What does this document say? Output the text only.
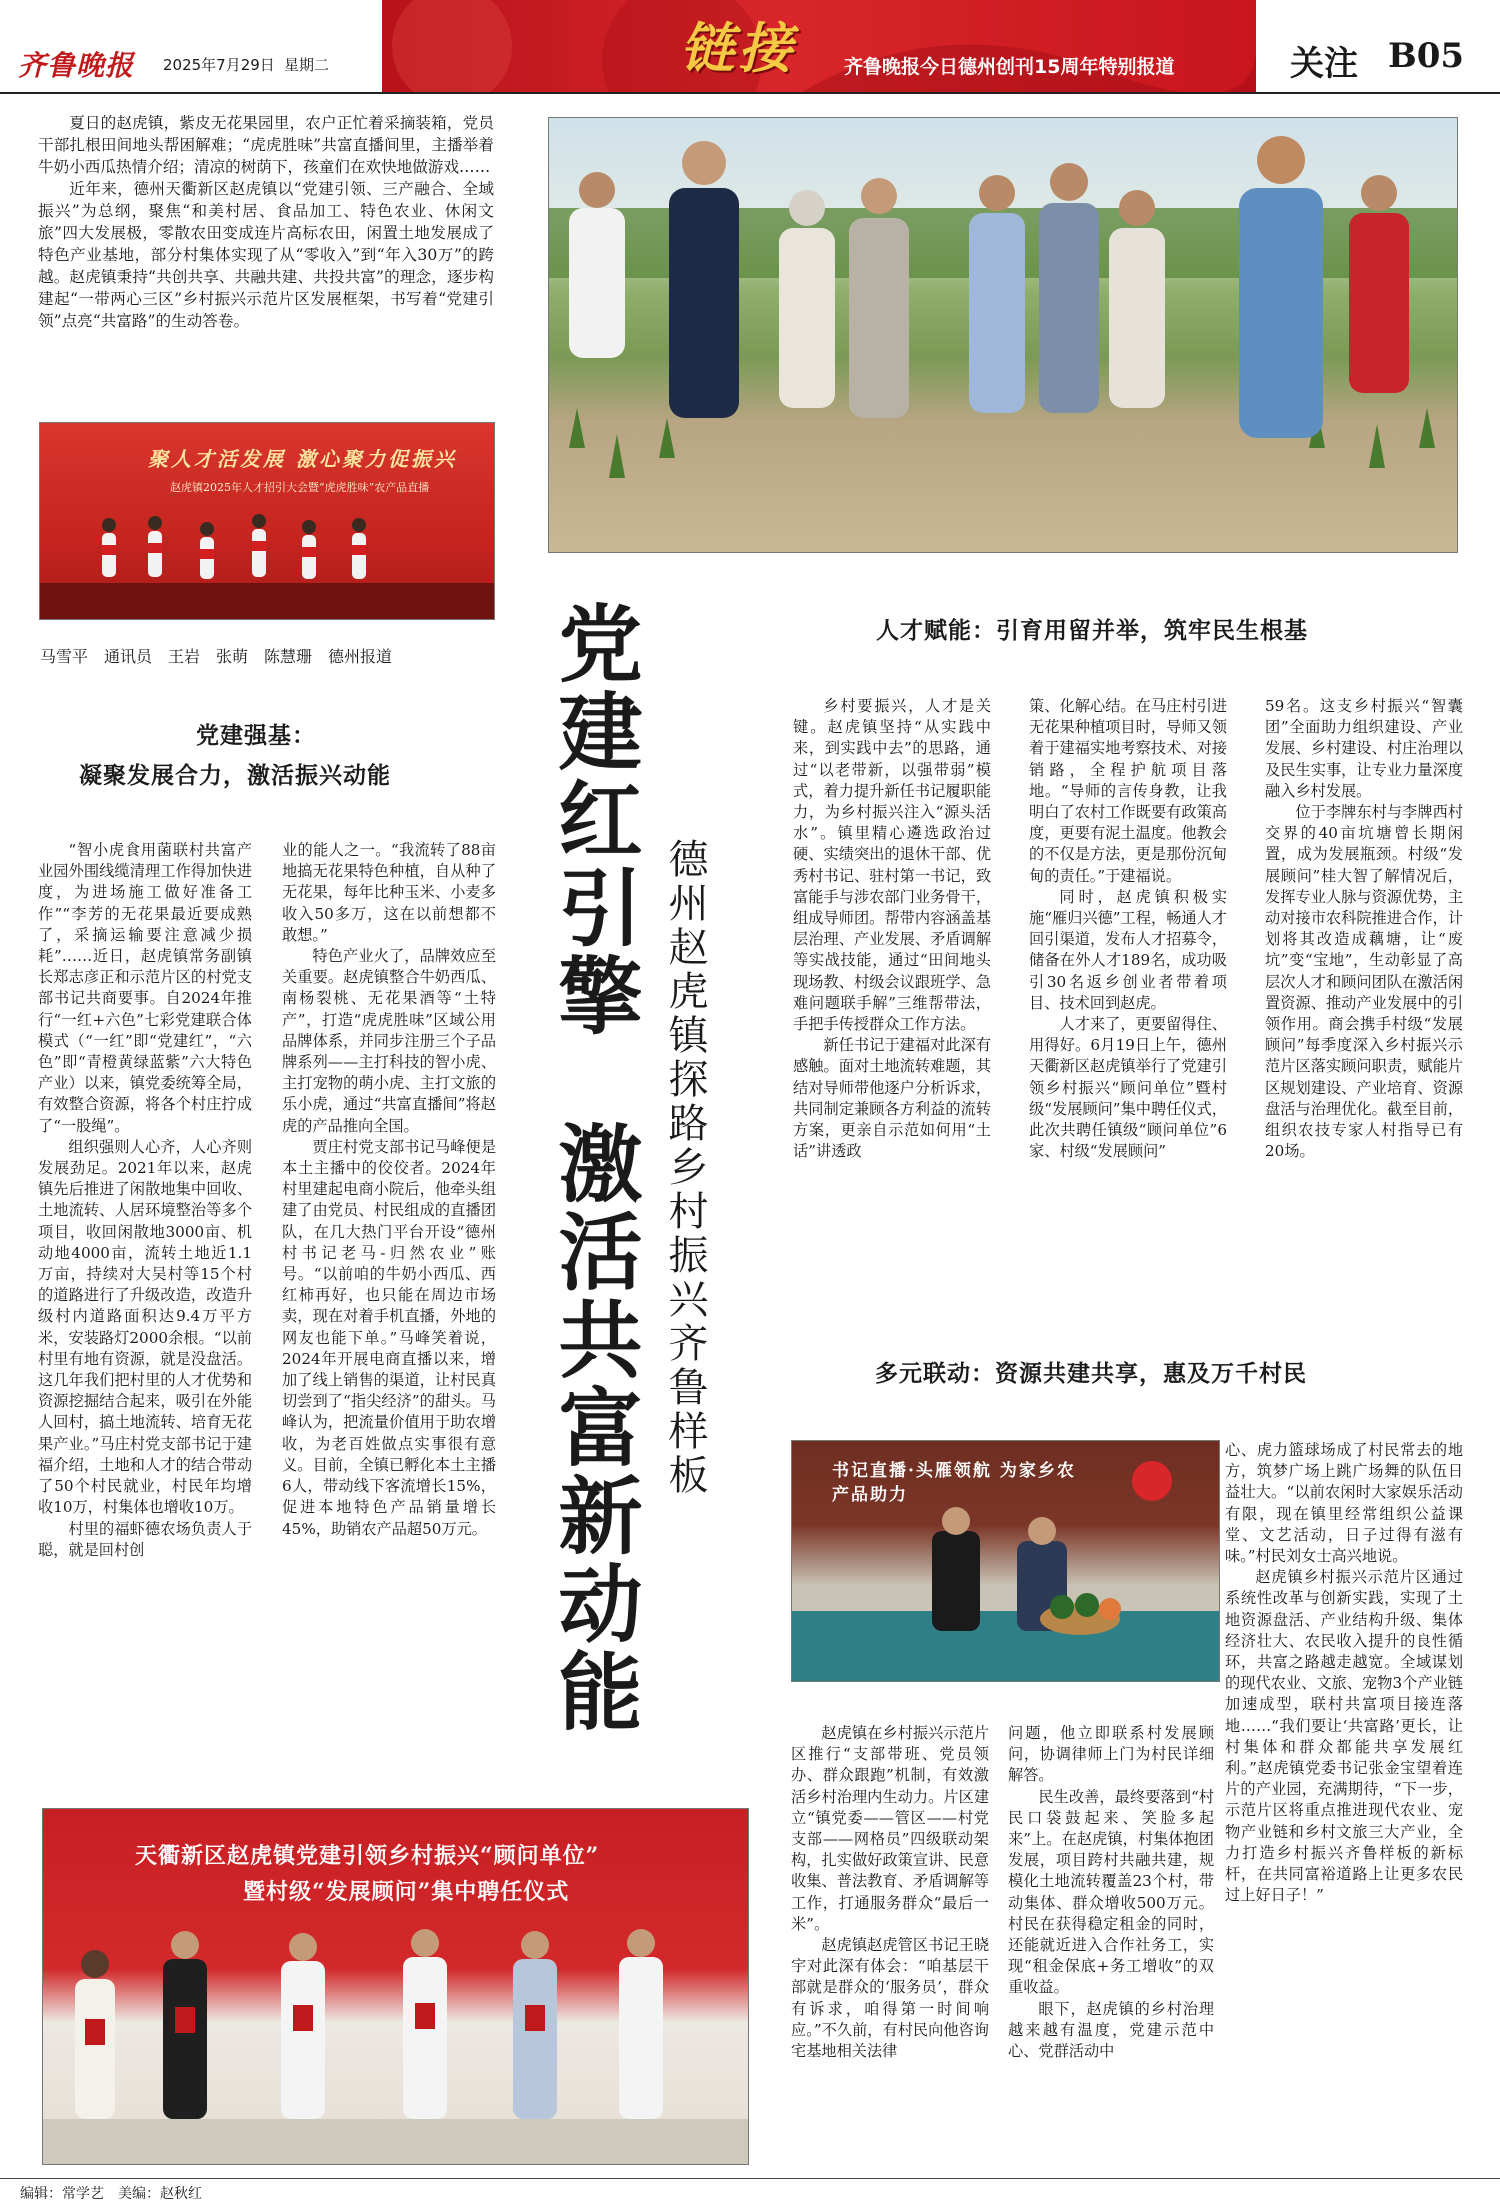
齐鲁晚报 2025年7月29日 星期二	链接	齐鲁晚报今日德州创刊15周年特别报道	关注 B05

夏日的赵虎镇，紫皮无花果园里，农户正忙着采摘装箱，党员干部扎根田间地头帮困解难；“虎虎胜味”共富直播间里，主播举着牛奶小西瓜热情介绍；清凉的树荫下，孩童们在欢快地做游戏……

近年来，德州天衢新区赵虎镇以“党建引领、三产融合、全域振兴”为总纲，聚焦“和美村居、食品加工、特色农业、休闲文旅”四大发展极，零散农田变成连片高标农田，闲置土地发展成了特色产业基地，部分村集体实现了从“零收入”到“年入30万”的跨越。赵虎镇秉持“共创共享、共融共建、共投共富”的理念，逐步构建起“一带两心三区”乡村振兴示范片区发展框架，书写着“党建引领”点亮“共富路”的生动答卷。

聚人才活发展 激心聚力促振兴
赵虎镇2025年人才招引大会暨“虎虎胜味”农产品直播
马雪平　通讯员　王岩　张萌　陈慧珊　德州报道 党建红引擎
激活共富新动能 德州赵虎镇探路乡村振兴齐鲁样板
党建强基：
凝聚发展合力，激活振兴动能

“智小虎食用菌联村共富产业园外围线缆清理工作得加快进度，为进场施工做好准备工作”“李芳的无花果最近要成熟了，采摘运输要注意减少损耗”……近日，赵虎镇常务副镇长郑志彦正和示范片区的村党支部书记共商要事。自2024年推行“一红+六色”七彩党建联合体模式（“一红”即“党建红”，“六色”即“青橙黄绿蓝紫”六大特色产业）以来，镇党委统筹全局，有效整合资源，将各个村庄拧成了“一股绳”。

组织强则人心齐，人心齐则发展劲足。2021年以来，赵虎镇先后推进了闲散地集中回收、土地流转、人居环境整治等多个项目，收回闲散地3000亩、机动地4000亩，流转土地近1.1万亩，持续对大吴村等15个村的道路进行了升级改造，改造升级村内道路面积达9.4万平方米，安装路灯2000余根。“以前村里有地有资源，就是没盘活。这几年我们把村里的人才优势和资源挖掘结合起来，吸引在外能人回村，搞土地流转、培育无花果产业。”马庄村党支部书记于建福介绍，土地和人才的结合带动了50个村民就业，村民年均增收10万，村集体也增收10万。

村里的福虾德农场负责人于聪，就是回村创

业的能人之一。“我流转了88亩地搞无花果特色种植，自从种了无花果，每年比种玉米、小麦多收入50多万，这在以前想都不敢想。”

特色产业火了，品牌效应至关重要。赵虎镇整合牛奶西瓜、南杨裂桃、无花果酒等“土特产”，打造“虎虎胜味”区域公用品牌体系，并同步注册三个子品牌系列——主打科技的智小虎、主打宠物的萌小虎、主打文旅的乐小虎，通过“共富直播间”将赵虎的产品推向全国。

贾庄村党支部书记马峰便是本土主播中的佼佼者。2024年村里建起电商小院后，他牵头组建了由党员、村民组成的直播团队，在几大热门平台开设“德州村书记老马-归然农业”账号。“以前咱的牛奶小西瓜、西红柿再好，也只能在周边市场卖，现在对着手机直播，外地的网友也能下单。”马峰笑着说，2024年开展电商直播以来，增加了线上销售的渠道，让村民真切尝到了“指尖经济”的甜头。马峰认为，把流量价值用于助农增收，为老百姓做点实事很有意义。目前，全镇已孵化本土主播6人，带动线下客流增长15%，促进本地特色产品销量增长45%，助销农产品超50万元。

人才赋能：引育用留并举，筑牢民生根基

乡村要振兴，人才是关键。赵虎镇坚持“从实践中来，到实践中去”的思路，通过“以老带新，以强带弱”模式，着力提升新任书记履职能力，为乡村振兴注入“源头活水”。镇里精心遴选政治过硬、实绩突出的退休干部、优秀村书记、驻村第一书记，致富能手与涉农部门业务骨干，组成导师团。帮带内容涵盖基层治理、产业发展、矛盾调解等实战技能，通过“田间地头现场教、村级会议跟班学、急难问题联手解”三维帮带法，手把手传授群众工作方法。

新任书记于建福对此深有感触。面对土地流转难题，其结对导师带他逐户分析诉求，共同制定兼顾各方利益的流转方案，更亲自示范如何用“土话”讲透政

策、化解心结。在马庄村引进无花果种植项目时，导师又领着于建福实地考察技术、对接销路，全程护航项目落地。“导师的言传身教，让我明白了农村工作既要有政策高度，更要有泥土温度。他教会的不仅是方法，更是那份沉甸甸的责任。”于建福说。

同时，赵虎镇积极实施“雁归兴德”工程，畅通人才回引渠道，发布人才招募令，储备在外人才189名，成功吸引30名返乡创业者带着项目、技术回到赵虎。

人才来了，更要留得住、用得好。6月19日上午，德州天衢新区赵虎镇举行了党建引领乡村振兴“顾问单位”暨村级“发展顾问”集中聘任仪式，此次共聘任镇级“顾问单位”6家、村级“发展顾问”

59名。这支乡村振兴“智囊团”全面助力组织建设、产业发展、乡村建设、村庄治理以及民生实事，让专业力量深度融入乡村发展。

位于李牌东村与李牌西村交界的40亩坑塘曾长期闲置，成为发展瓶颈。村级“发展顾问”桂大智了解情况后，发挥专业人脉与资源优势，主动对接市农科院推进合作，计划将其改造成藕塘，让“废坑”变“宝地”，生动彰显了高层次人才和顾问团队在激活闲置资源、推动产业发展中的引领作用。商会携手村级“发展顾问”每季度深入乡村振兴示范片区落实顾问职责，赋能片区规划建设、产业培育、资源盘活与治理优化。截至目前，组织农技专家人村指导已有20场。

多元联动：资源共建共享，惠及万千村民
书记直播·头雁领航 为家乡农产品助力

心、虎力篮球场成了村民常去的地方，筑梦广场上跳广场舞的队伍日益壮大。“以前农闲时大家娱乐活动有限，现在镇里经常组织公益课堂、文艺活动，日子过得有滋有味。”村民刘女士高兴地说。

赵虎镇乡村振兴示范片区通过系统性改革与创新实践，实现了土地资源盘活、产业结构升级、集体经济壮大、农民收入提升的良性循环，共富之路越走越宽。全域谋划的现代农业、文旅、宠物3个产业链加速成型，联村共富项目接连落地……“我们要让‘共富路’更长，让村集体和群众都能共享发展红利。”赵虎镇党委书记张金宝望着连片的产业园，充满期待，“下一步，示范片区将重点推进现代农业、宠物产业链和乡村文旅三大产业，全力打造乡村振兴齐鲁样板的新标杆，在共同富裕道路上让更多农民过上好日子！”

赵虎镇在乡村振兴示范片区推行“支部带班、党员领办、群众跟跑”机制，有效激活乡村治理内生动力。片区建立“镇党委——管区——村党支部——网格员”四级联动架构，扎实做好政策宣讲、民意收集、普法教育、矛盾调解等工作，打通服务群众“最后一米”。

赵虎镇赵虎管区书记王晓宇对此深有体会：“咱基层干部就是群众的‘服务员’，群众有诉求，咱得第一时间响应。”不久前，有村民向他咨询宅基地相关法律

问题，他立即联系村发展顾问，协调律师上门为村民详细解答。

民生改善，最终要落到“村民口袋鼓起来、笑脸多起来”上。在赵虎镇，村集体抱团发展，项目跨村共融共建，规模化土地流转覆盖23个村，带动集体、群众增收500万元。村民在获得稳定租金的同时，还能就近进入合作社务工，实现“租金保底+务工增收”的双重收益。

眼下，赵虎镇的乡村治理越来越有温度，党建示范中心、党群活动中

天衢新区赵虎镇党建引领乡村振兴“顾问单位”
暨村级“发展顾问”集中聘任仪式
编辑：常学艺　美编：赵秋红
